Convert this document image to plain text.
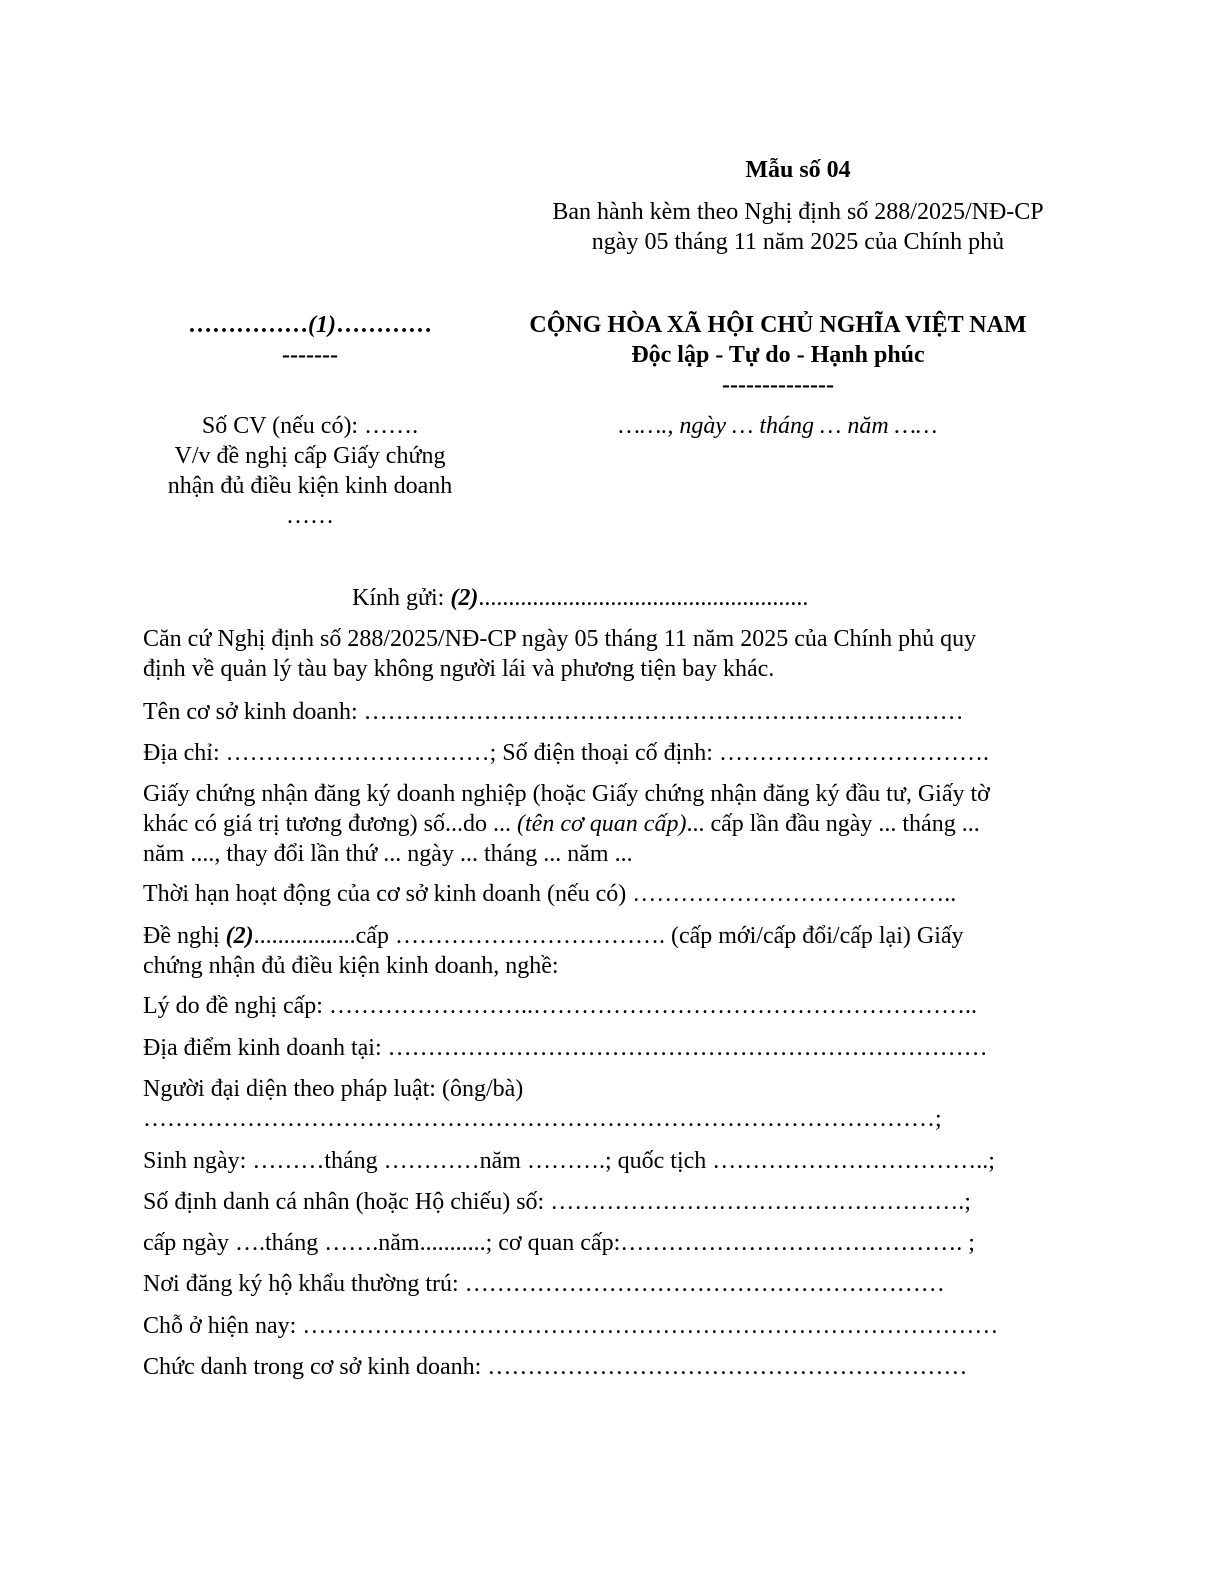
Mẫu số 04
Ban hành kèm theo Nghị định số 288/2025/NĐ-CP
ngày 05 tháng 11 năm 2025 của Chính phủ
……………(1)…………
-------
Số CV (nếu có): …….
V/v đề nghị cấp Giấy chứng
nhận đủ điều kiện kinh doanh
……
CỘNG HÒA XÃ HỘI CHỦ NGHĨA VIỆT NAM
Độc lập - Tự do - Hạnh phúc
--------------
……., ngày … tháng … năm ……
Kính gửi: (2).......................................................
Căn cứ Nghị định số 288/2025/NĐ-CP ngày 05 tháng 11 năm 2025 của Chính phủ quy
định về quản lý tàu bay không người lái và phương tiện bay khác.
Tên cơ sở kinh doanh: …………………………………………………………………
Địa chỉ: ……………………………; Số điện thoại cố định: …………………………….
Giấy chứng nhận đăng ký doanh nghiệp (hoặc Giấy chứng nhận đăng ký đầu tư, Giấy tờ
khác có giá trị tương đương) số...do ... (tên cơ quan cấp)... cấp lần đầu ngày ... tháng ...
năm ...., thay đổi lần thứ ... ngày ... tháng ... năm ...
Thời hạn hoạt động của cơ sở kinh doanh (nếu có) …………………………………..
Đề nghị (2).................cấp ……………………………. (cấp mới/cấp đổi/cấp lại) Giấy
chứng nhận đủ điều kiện kinh doanh, nghề:
Lý do đề nghị cấp: ……………………..………………………………………………..
Địa điểm kinh doanh tại: …………………………………………………………………
Người đại diện theo pháp luật: (ông/bà)
………………………………………………………………………………………;
Sinh ngày: ………tháng …………năm ……….; quốc tịch ……………………………..;
Số định danh cá nhân (hoặc Hộ chiếu) số: …………………………………………….;
cấp ngày ….tháng …….năm...........; cơ quan cấp:……………………………………. ;
Nơi đăng ký hộ khẩu thường trú: ……………………………………………………
Chỗ ở hiện nay: ……………………………………………………………………………
Chức danh trong cơ sở kinh doanh: ……………………………………………………
